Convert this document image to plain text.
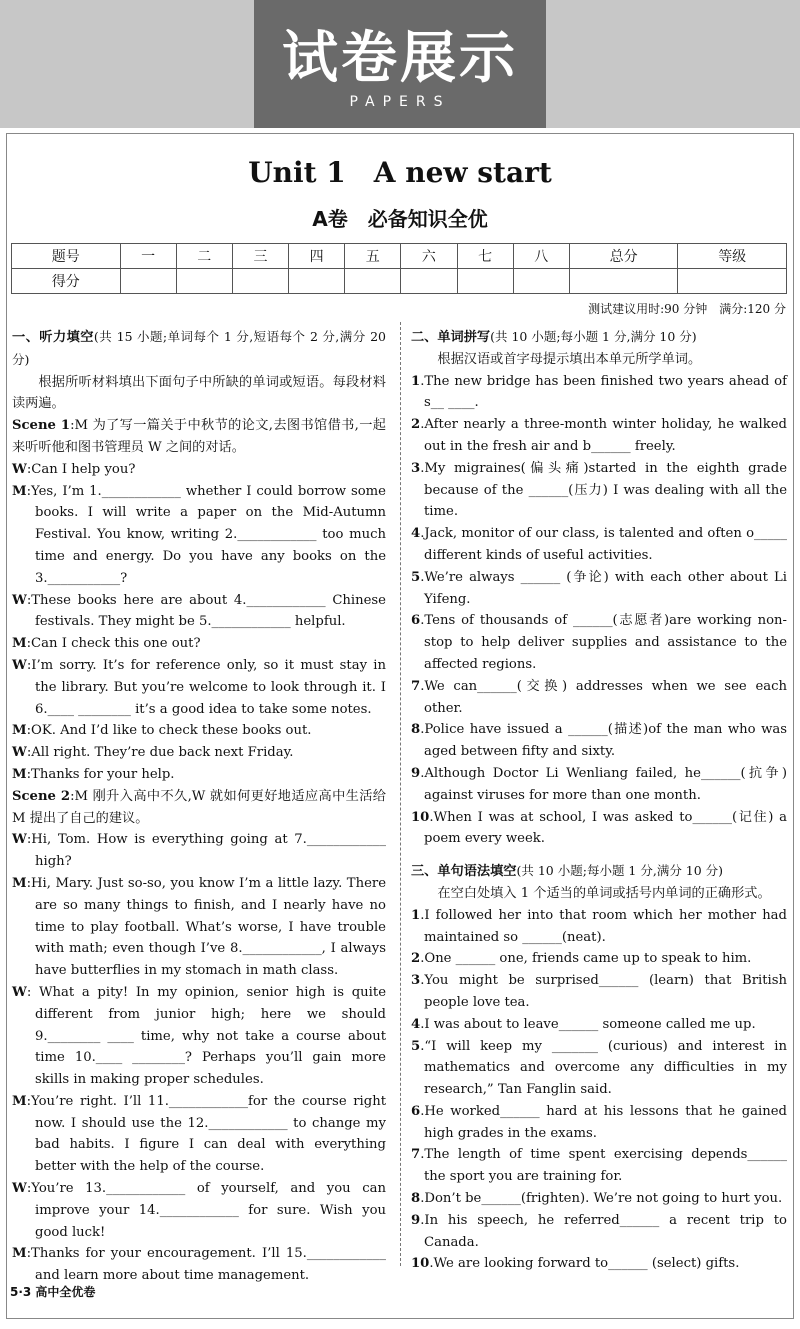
试卷展示
PAPERS
Unit 1 A new start
A卷 必备知识全优
题号	一	二	三	四	五	六	七	八	总分	等级
得分										
测试建议用时:90 分钟 满分:120 分

一、听力填空(共 15 小题;单词每个 1 分,短语每个 2 分,满分 20 分)

根据所听材料填出下面句子中所缺的单词或短语。每段材料读两遍。

Scene 1:M 为了写一篇关于中秋节的论文,去图书馆借书,一起来听听他和图书管理员 W 之间的对话。

W:Can I help you?

M:Yes, I’m 1.____________ whether I could borrow some books. I will write a paper on the Mid-Autumn Festival. You know, writing 2.____________ too much time and energy. Do you have any books on the 3.___________?

W:These books here are about 4.____________ Chinese festivals. They might be 5.____________ helpful.

M:Can I check this one out?

W:I’m sorry. It’s for reference only, so it must stay in the library. But you’re welcome to look through it. I 6.____ ________ it’s a good idea to take some notes.

M:OK. And I’d like to check these books out.

W:All right. They’re due back next Friday.

M:Thanks for your help.

Scene 2:M 刚升入高中不久,W 就如何更好地适应高中生活给 M 提出了自己的建议。

W:Hi, Tom. How is everything going at 7.____________ high?

M:Hi, Mary. Just so-so, you know I’m a little lazy. There are so many things to finish, and I nearly have no time to play football. What’s worse, I have trouble with math; even though I’ve 8.____________, I always have butterflies in my stomach in math class.

W: What a pity! In my opinion, senior high is quite different from junior high; here we should 9.________ ____ time, why not take a course about time 10.____ ________? Perhaps you’ll gain more skills in making proper schedules.

M:You’re right. I’ll 11.____________for the course right now. I should use the 12.____________ to change my bad habits. I figure I can deal with everything better with the help of the course.

W:You’re 13.____________ of yourself, and you can improve your 14.____________ for sure. Wish you good luck!

M:Thanks for your encouragement. I’ll 15.____________ and learn more about time management.

二、单词拼写(共 10 小题;每小题 1 分,满分 10 分)

根据汉语或首字母提示填出本单元所学单词。

1.The new bridge has been finished two years ahead of s__ ____.

2.After nearly a three-month winter holiday, he walked out in the fresh air and b______ freely.

3.My migraines(偏头痛)started in the eighth grade because of the ______(压力) I was dealing with all the time.

4.Jack, monitor of our class, is talented and often o_____ different kinds of useful activities.

5.We’re always ______ (争论) with each other about Li Yifeng.

6.Tens of thousands of ______(志愿者)are working non-stop to help deliver supplies and assistance to the affected regions.

7.We can______(交换) addresses when we see each other.

8.Police have issued a ______(描述)of the man who was aged between fifty and sixty.

9.Although Doctor Li Wenliang failed, he______(抗争) against viruses for more than one month.

10.When I was at school, I was asked to______(记住) a poem every week.

三、单句语法填空(共 10 小题;每小题 1 分,满分 10 分)

在空白处填入 1 个适当的单词或括号内单词的正确形式。

1.I followed her into that room which her mother had maintained so ______(neat).

2.One ______ one, friends came up to speak to him.

3.You might be surprised______ (learn) that British people love tea.

4.I was about to leave______ someone called me up.

5.“I will keep my _______ (curious) and interest in mathematics and overcome any difficulties in my research,” Tan Fanglin said.

6.He worked______ hard at his lessons that he gained high grades in the exams.

7.The length of time spent exercising depends______ the sport you are training for.

8.Don’t be______(frighten). We’re not going to hurt you.

9.In his speech, he referred______ a recent trip to Canada.

10.We are looking forward to______ (select) gifts.

5·3 高中全优卷
